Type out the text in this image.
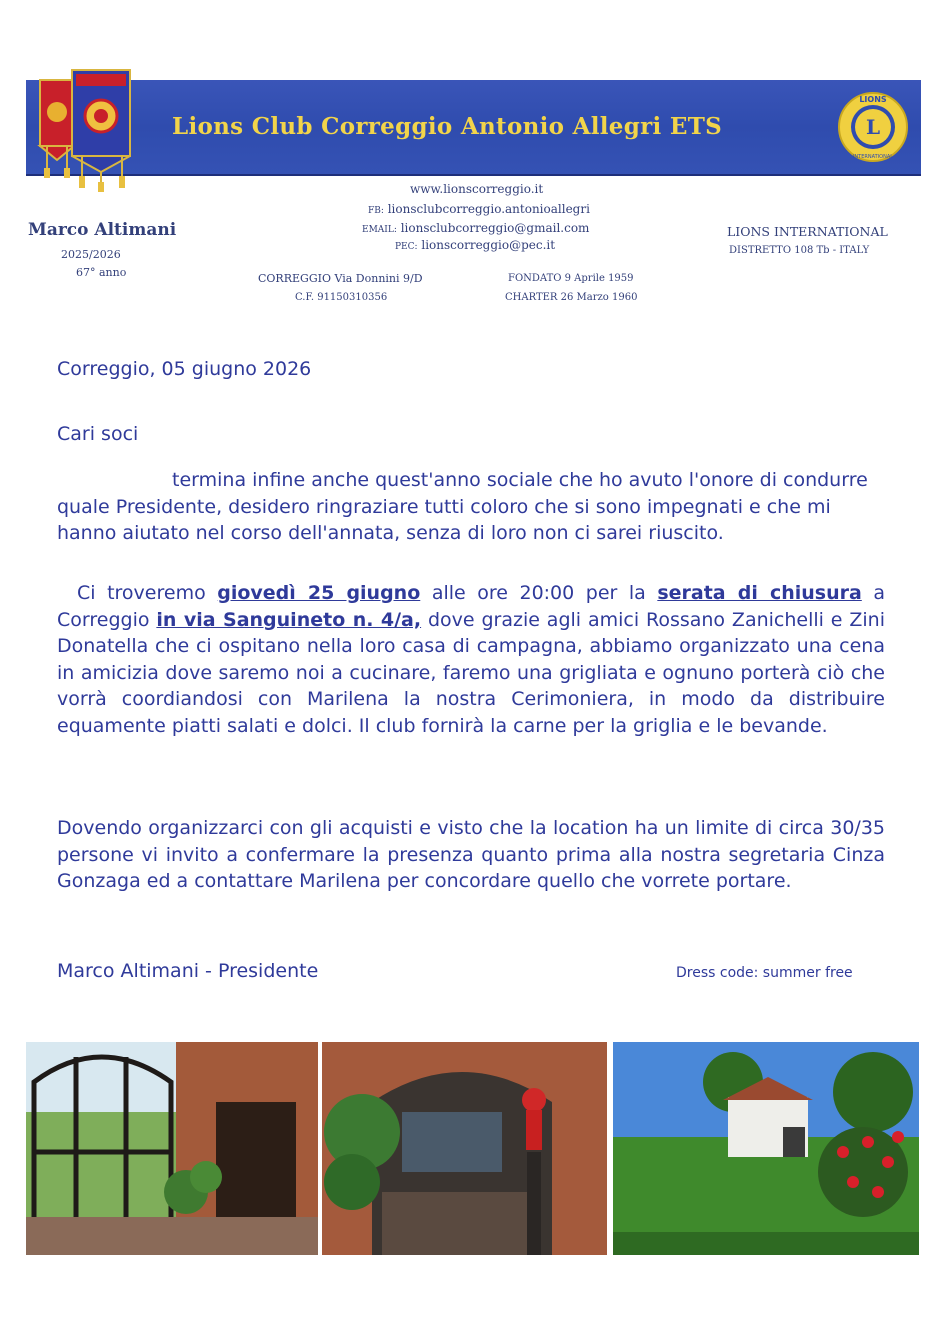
Lions Club Correggio Antonio Allegri ETS	L
LIONS
INTERNATIONAL
www.lionscorreggio.it
FB: lionsclubcorreggio.antonioallegri
EMAIL: lionsclubcorreggio@gmail.com
PEC: lionscorreggio@pec.it
Marco Altimani
2025/2026
67° anno
LIONS INTERNATIONAL
DISTRETTO 108 Tb - ITALY
CORREGGIO Via Donnini 9/D
C.F. 91150310356
FONDATO 9 Aprile 1959
CHARTER 26 Marzo 1960
Correggio, 05 giugno 2026
Cari soci
termina infine anche quest'anno sociale che ho avuto l'onore di condurre quale Presidente, desidero ringraziare tutti coloro che si sono impegnati e che mi hanno aiutato nel corso dell'annata, senza di loro non ci sarei riuscito.
Ci troveremo giovedì 25 giugno alle ore 20:00 per la serata di chiusura a Correggio in via Sanguineto n. 4/a, dove grazie agli amici Rossano Zanichelli e Zini Donatella che ci ospitano nella loro casa di campagna, abbiamo organizzato una cena in amicizia dove saremo noi a cucinare, faremo una grigliata e ognuno porterà ciò che vorrà coordiandosi con Marilena la nostra Cerimoniera, in modo da distribuire equamente piatti salati e dolci. Il club fornirà la carne per la griglia e le bevande.
Dovendo organizzarci con gli acquisti e visto che la location ha un limite di circa 30/35 persone vi invito a confermare la presenza quanto prima alla nostra segretaria Cinza Gonzaga ed a contattare Marilena per concordare quello che vorrete portare.
Marco Altimani - Presidente	Dress code: summer free
